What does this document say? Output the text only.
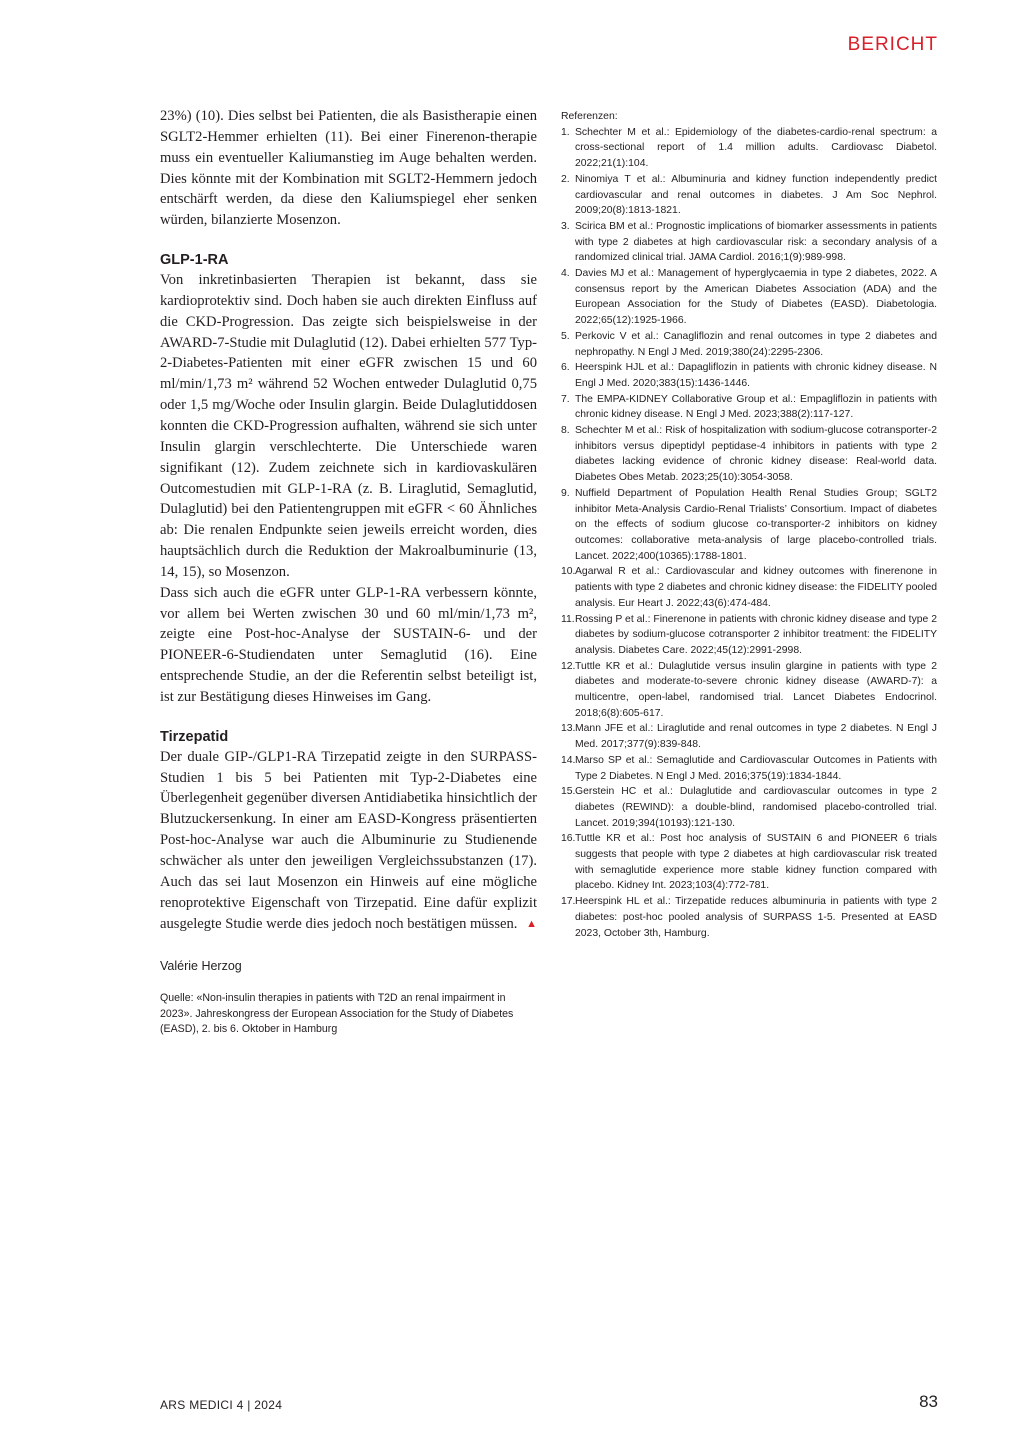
BERICHT

23%) (10). Dies selbst bei Patienten, die als Basistherapie einen SGLT2-Hemmer erhielten (11). Bei einer Finerenon-therapie muss ein eventueller Kaliumanstieg im Auge behalten werden. Dies könnte mit der Kombination mit SGLT2-Hemmern jedoch entschärft werden, da diese den Kaliumspiegel eher senken würden, bilanzierte Mosenzon.

GLP-1-RA

Von inkretinbasierten Therapien ist bekannt, dass sie kardioprotektiv sind. Doch haben sie auch direkten Einfluss auf die CKD-Progression. Das zeigte sich beispielsweise in der AWARD-7-Studie mit Dulaglutid (12). Dabei erhielten 577 Typ-2-Diabetes-Patienten mit einer eGFR zwischen 15 und 60 ml/min/1,73 m² während 52 Wochen entweder Dulaglutid 0,75 oder 1,5 mg/Woche oder Insulin glargin. Beide Dulaglutiddosen konnten die CKD-Progression aufhalten, während sie sich unter Insulin glargin verschlechterte. Die Unterschiede waren signifikant (12). Zudem zeichnete sich in kardiovaskulären Outcomestudien mit GLP-1-RA (z. B. Liraglutid, Semaglutid, Dulaglutid) bei den Patientengruppen mit eGFR < 60 Ähnliches ab: Die renalen Endpunkte seien jeweils erreicht worden, dies hauptsächlich durch die Reduktion der Makroalbuminurie (13, 14, 15), so Mosenzon.

Dass sich auch die eGFR unter GLP-1-RA verbessern könnte, vor allem bei Werten zwischen 30 und 60 ml/min/1,73 m², zeigte eine Post-hoc-Analyse der SUSTAIN-6- und der PIONEER-6-Studiendaten unter Semaglutid (16). Eine entsprechende Studie, an der die Referentin selbst beteiligt ist, ist zur Bestätigung dieses Hinweises im Gang.

Tirzepatid

Der duale GIP-/GLP1-RA Tirzepatid zeigte in den SURPASS-Studien 1 bis 5 bei Patienten mit Typ-2-Diabetes eine Überlegenheit gegenüber diversen Antidiabetika hinsichtlich der Blutzuckersenkung. In einer am EASD-Kongress präsentierten Post-hoc-Analyse war auch die Albuminurie zu Studienende schwächer als unter den jeweiligen Vergleichssubstanzen (17). Auch das sei laut Mosenzon ein Hinweis auf eine mögliche renoprotektive Eigenschaft von Tirzepatid. Eine dafür explizit ausgelegte Studie werde dies jedoch noch bestätigen müssen. ▲

Valérie Herzog
Quelle: «Non-insulin therapies in patients with T2D an renal impairment in 2023». Jahreskongress der European Association for the Study of Diabetes (EASD), 2. bis 6. Oktober in Hamburg
Referenzen:
1. Schechter M et al.: Epidemiology of the diabetes-cardio-renal spectrum: a cross-sectional report of 1.4 million adults. Cardiovasc Diabetol. 2022;21(1):104.
2. Ninomiya T et al.: Albuminuria and kidney function independently predict cardiovascular and renal outcomes in diabetes. J Am Soc Nephrol. 2009;20(8):1813-1821.
3. Scirica BM et al.: Prognostic implications of biomarker assessments in patients with type 2 diabetes at high cardiovascular risk: a secondary analysis of a randomized clinical trial. JAMA Cardiol. 2016;1(9):989-998.
4. Davies MJ et al.: Management of hyperglycaemia in type 2 diabetes, 2022. A consensus report by the American Diabetes Association (ADA) and the European Association for the Study of Diabetes (EASD). Diabetologia. 2022;65(12):1925-1966.
5. Perkovic V et al.: Canagliflozin and renal outcomes in type 2 diabetes and nephropathy. N Engl J Med. 2019;380(24):2295-2306.
6. Heerspink HJL et al.: Dapagliflozin in patients with chronic kidney disease. N Engl J Med. 2020;383(15):1436-1446.
7. The EMPA-KIDNEY Collaborative Group et al.: Empagliflozin in patients with chronic kidney disease. N Engl J Med. 2023;388(2):117-127.
8. Schechter M et al.: Risk of hospitalization with sodium-glucose cotransporter-2 inhibitors versus dipeptidyl peptidase-4 inhibitors in patients with type 2 diabetes lacking evidence of chronic kidney disease: Real-world data. Diabetes Obes Metab. 2023;25(10):3054-3058.
9. Nuffield Department of Population Health Renal Studies Group; SGLT2 inhibitor Meta-Analysis Cardio-Renal Trialists’ Consortium. Impact of diabetes on the effects of sodium glucose co-transporter-2 inhibitors on kidney outcomes: collaborative meta-analysis of large placebo-controlled trials. Lancet. 2022;400(10365):1788-1801.
10. Agarwal R et al.: Cardiovascular and kidney outcomes with finerenone in patients with type 2 diabetes and chronic kidney disease: the FIDELITY pooled analysis. Eur Heart J. 2022;43(6):474-484.
11. Rossing P et al.: Finerenone in patients with chronic kidney disease and type 2 diabetes by sodium-glucose cotransporter 2 inhibitor treatment: the FIDELITY analysis. Diabetes Care. 2022;45(12):2991-2998.
12. Tuttle KR et al.: Dulaglutide versus insulin glargine in patients with type 2 diabetes and moderate-to-severe chronic kidney disease (AWARD-7): a multicentre, open-label, randomised trial. Lancet Diabetes Endocrinol. 2018;6(8):605-617.
13. Mann JFE et al.: Liraglutide and renal outcomes in type 2 diabetes. N Engl J Med. 2017;377(9):839-848.
14. Marso SP et al.: Semaglutide and Cardiovascular Outcomes in Patients with Type 2 Diabetes. N Engl J Med. 2016;375(19):1834-1844.
15. Gerstein HC et al.: Dulaglutide and cardiovascular outcomes in type 2 diabetes (REWIND): a double-blind, randomised placebo-controlled trial. Lancet. 2019;394(10193):121-130.
16. Tuttle KR et al.: Post hoc analysis of SUSTAIN 6 and PIONEER 6 trials suggests that people with type 2 diabetes at high cardiovascular risk treated with semaglutide experience more stable kidney function compared with placebo. Kidney Int. 2023;103(4):772-781.
17. Heerspink HL et al.: Tirzepatide reduces albuminuria in patients with type 2 diabetes: post-hoc pooled analysis of SURPASS 1-5. Presented at EASD 2023, October 3th, Hamburg.
ARS MEDICI 4 | 2024	83
